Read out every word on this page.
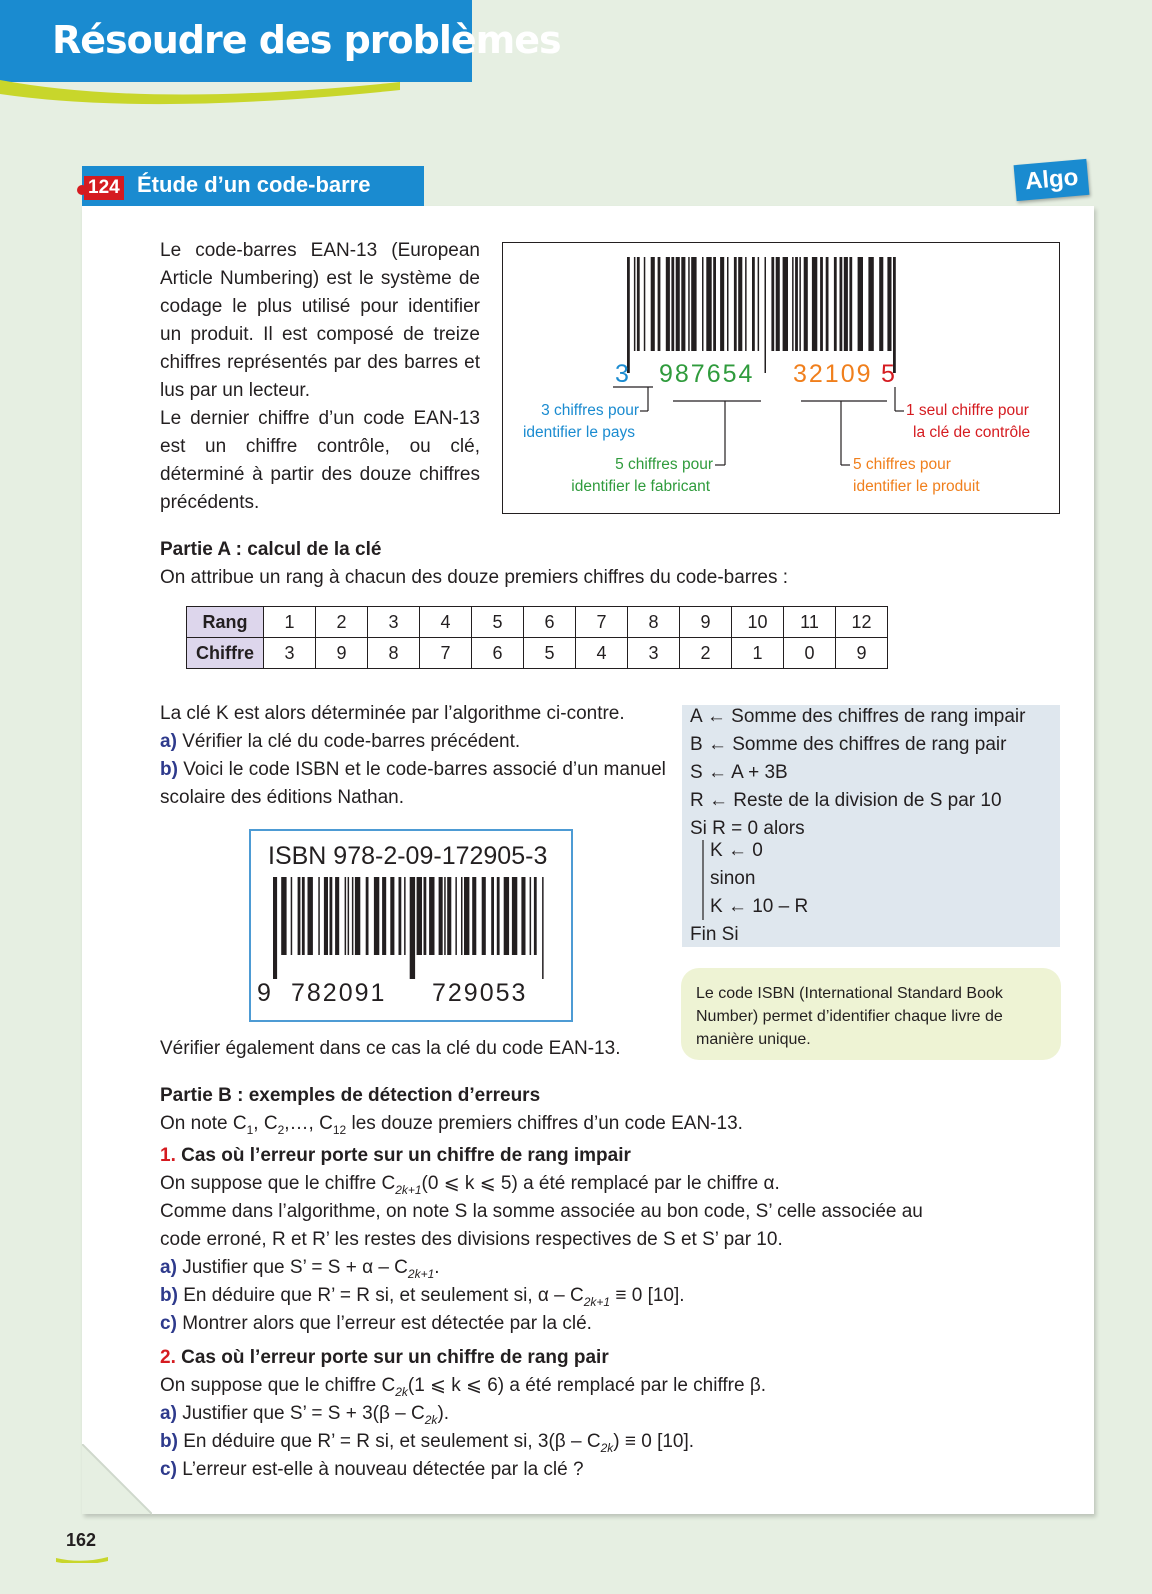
Résoudre des problèmes
124 Étude d’un code-barre	Algo
Le code-barres EAN-13 (European Article Numbering) est le système de codage le plus utilisé pour identifier un produit. Il est composé de treize chiffres représentés par des barres et lus par un lecteur.
Le dernier chiffre d’un code EAN-13 est un chiffre contrôle, ou clé, déterminé à partir des douze chiffres précédents.
3 987654 32109 5
3 chiffres pour
identifier le pays
5 chiffres pour
identifier le fabricant
1 seul chiffre pour
la clé de contrôle
5 chiffres pour
identifier le produit
Partie A : calcul de la clé
On attribue un rang à chacun des douze premiers chiffres du code-barres :
Rang	1	2	3	4	5	6	7	8	9	10	11	12
Chiffre	3	9	8	7	6	5	4	3	2	1	0	9
La clé K est alors déterminée par l’algorithme ci-contre.
a) Vérifier la clé du code-barres précédent.
b) Voici le code ISBN et le code-barres associé d’un manuel
scolaire des éditions Nathan.
ISBN 978-2-09-172905-3
9 782091 729053
Vérifier également dans ce cas la clé du code EAN-13.
A ← Somme des chiffres de rang impair
B ← Somme des chiffres de rang pair
S ← A + 3B
R ← Reste de la division de S par 10
Si R = 0 alors
K ← 0
sinon
K ← 10 – R
Fin Si
Le code ISBN (International Standard Book Number) permet d’identifier chaque livre de manière unique.
Partie B : exemples de détection d’erreurs
On note $C_1$, $C_2,\dots$, $C_{12}$ les douze premiers chiffres d’un code EAN-13.
1. Cas où l’erreur porte sur un chiffre de rang impair
On suppose que le chiffre $C_{2k+1}(0$ ⩽ k ⩽ 5) a été remplacé par le chiffre α.
Comme dans l’algorithme, on note S la somme associée au bon code, S’ celle associée au
code erroné, R et R’ les restes des divisions respectives de S et S’ par 10.
a) Justifier que S’ = $S + \alpha - C_{2k+1}$.
b) En déduire que R’ = R si, et seulement si, $\alpha - C_{2k+1} \equiv 0$ [10].
c) Montrer alors que l’erreur est détectée par la clé.
2. Cas où l’erreur porte sur un chiffre de rang pair
On suppose que le chiffre $C_{2k}(1$ ⩽ k ⩽ 6) a été remplacé par le chiffre β.
a) Justifier que S’ = $S + 3(\beta - C_{2k})$.
b) En déduire que R’ = R si, et seulement si, $3(\beta - C_{2k}) \equiv 0$ [10].
c) L’erreur est-elle à nouveau détectée par la clé ?
162
